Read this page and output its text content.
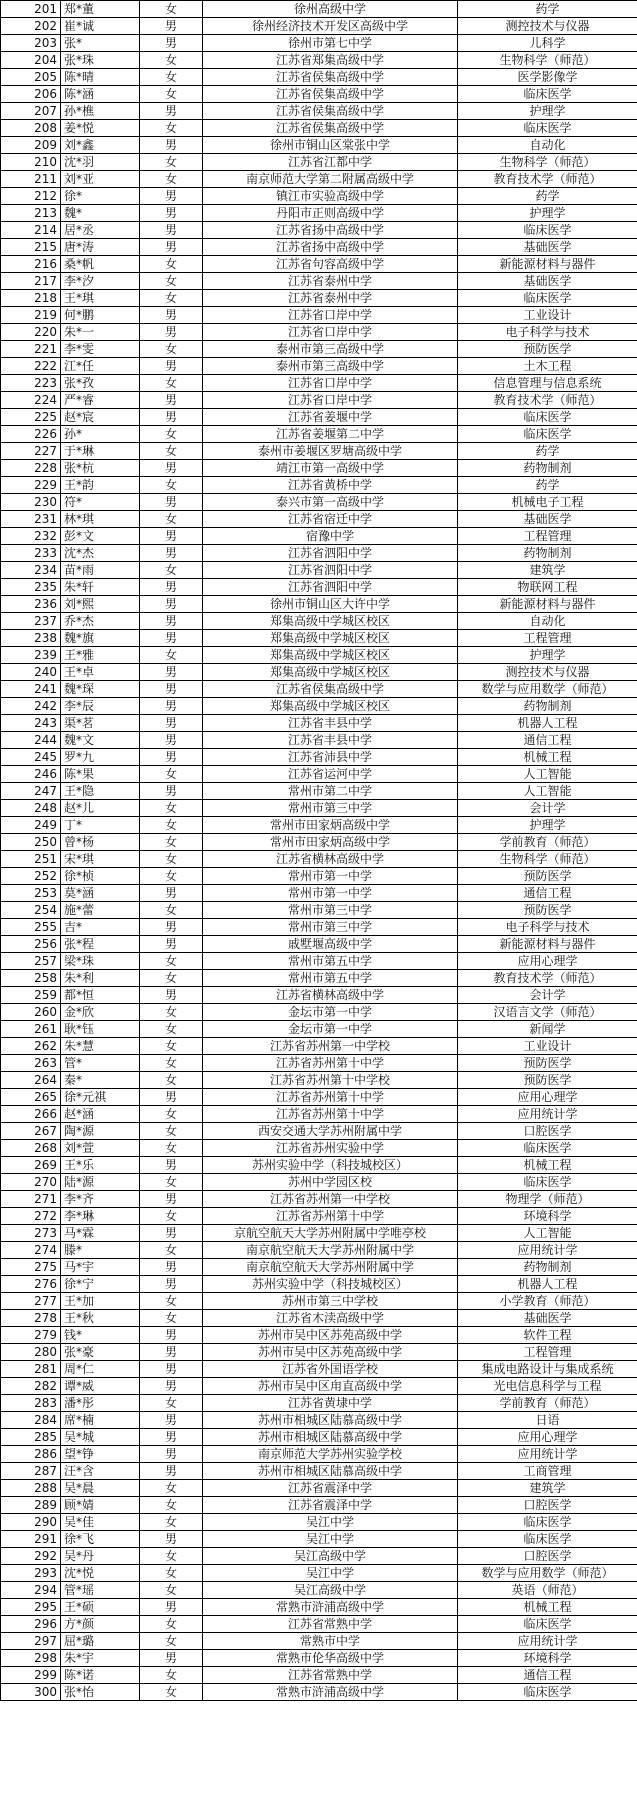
201	郑*董	女	徐州高级中学	药学
202	崔*诚	男	徐州经济技术开发区高级中学	测控技术与仪器
203	张*	男	徐州市第七中学	儿科学
204	张*珠	女	江苏省郑集高级中学	生物科学（师范）
205	陈*晴	女	江苏省侯集高级中学	医学影像学
206	陈*涵	女	江苏省侯集高级中学	临床医学
207	孙*樵	男	江苏省侯集高级中学	护理学
208	姜*悦	女	江苏省侯集高级中学	临床医学
209	刘*鑫	男	徐州市铜山区棠张中学	自动化
210	沈*羽	女	江苏省江都中学	生物科学（师范）
211	刘*亚	女	南京师范大学第二附属高级中学	教育技术学（师范）
212	徐*	男	镇江市实验高级中学	药学
213	魏*	男	丹阳市正则高级中学	护理学
214	居*丞	男	江苏省扬中高级中学	临床医学
215	唐*涛	男	江苏省扬中高级中学	基础医学
216	桑*帆	女	江苏省句容高级中学	新能源材料与器件
217	李*汐	女	江苏省泰州中学	基础医学
218	王*琪	女	江苏省泰州中学	临床医学
219	何*鹏	男	江苏省口岸中学	工业设计
220	朱*一	男	江苏省口岸中学	电子科学与技术
221	李*雯	女	泰州市第三高级中学	预防医学
222	江*任	男	泰州市第三高级中学	土木工程
223	张*孜	女	江苏省口岸中学	信息管理与信息系统
224	严*睿	男	江苏省口岸中学	教育技术学（师范）
225	赵*宸	男	江苏省姜堰中学	临床医学
226	孙*	女	江苏省姜堰第二中学	临床医学
227	于*琳	女	泰州市姜堰区罗塘高级中学	药学
228	张*杭	男	靖江市第一高级中学	药物制剂
229	王*韵	女	江苏省黄桥中学	药学
230	符*	男	泰兴市第一高级中学	机械电子工程
231	林*琪	女	江苏省宿迁中学	基础医学
232	彭*文	男	宿豫中学	工程管理
233	沈*杰	男	江苏省泗阳中学	药物制剂
234	苗*雨	女	江苏省泗阳中学	建筑学
235	朱*轩	男	江苏省泗阳中学	物联网工程
236	刘*熙	男	徐州市铜山区大许中学	新能源材料与器件
237	乔*杰	男	郑集高级中学城区校区	自动化
238	魏*旗	男	郑集高级中学城区校区	工程管理
239	王*雅	女	郑集高级中学城区校区	护理学
240	王*卓	男	郑集高级中学城区校区	测控技术与仪器
241	魏*琛	男	江苏省侯集高级中学	数学与应用数学（师范）
242	李*辰	男	郑集高级中学城区校区	药物制剂
243	渠*茗	男	江苏省丰县中学	机器人工程
244	魏*文	男	江苏省丰县中学	通信工程
245	罗*九	男	江苏省沛县中学	机械工程
246	陈*果	女	江苏省运河中学	人工智能
247	王*隐	男	常州市第二中学	人工智能
248	赵*儿	女	常州市第三中学	会计学
249	丁*	女	常州市田家炳高级中学	护理学
250	曾*杨	女	常州市田家炳高级中学	学前教育（师范）
251	宋*琪	女	江苏省横林高级中学	生物科学（师范）
252	徐*桢	女	常州市第一中学	预防医学
253	莫*涵	男	常州市第一中学	通信工程
254	施*蕾	女	常州市第三中学	预防医学
255	吉*	男	常州市第三中学	电子科学与技术
256	张*程	男	戚墅堰高级中学	新能源材料与器件
257	梁*珠	女	常州市第五中学	应用心理学
258	朱*利	女	常州市第五中学	教育技术学（师范）
259	都*恒	男	江苏省横林高级中学	会计学
260	金*欣	女	金坛市第一中学	汉语言文学（师范）
261	耿*钰	女	金坛市第一中学	新闻学
262	朱*慧	女	江苏省苏州第一中学校	工业设计
263	管*	女	江苏省苏州第十中学	预防医学
264	秦*	女	江苏省苏州第十中学校	预防医学
265	徐*元祺	男	江苏省苏州第十中学	应用心理学
266	赵*涵	女	江苏省苏州第十中学	应用统计学
267	陶*源	女	西安交通大学苏州附属中学	口腔医学
268	刘*萱	女	江苏省苏州实验中学	临床医学
269	王*乐	男	苏州实验中学（科技城校区）	机械工程
270	陆*源	女	苏州中学园区校	临床医学
271	李*齐	男	江苏省苏州第一中学校	物理学（师范）
272	李*琳	女	江苏省苏州第十中学	环境科学
273	马*霖	男	京航空航天大学苏州附属中学唯亭校	人工智能
274	滕*	女	南京航空航天大学苏州附属中学	应用统计学
275	马*宇	男	南京航空航天大学苏州附属中学	药物制剂
276	徐*宁	男	苏州实验中学（科技城校区）	机器人工程
277	王*加	女	苏州市第三中学校	小学教育（师范）
278	王*秋	女	江苏省木渎高级中学	基础医学
279	钱*	男	苏州市吴中区苏苑高级中学	软件工程
280	张*豪	男	苏州市吴中区苏苑高级中学	工程管理
281	周*仁	男	江苏省外国语学校	集成电路设计与集成系统
282	谭*威	男	苏州市吴中区甪直高级中学	光电信息科学与工程
283	潘*彤	女	江苏省黄埭中学	学前教育（师范）
284	席*楠	男	苏州市相城区陆慕高级中学	日语
285	吴*城	男	苏州市相城区陆慕高级中学	应用心理学
286	望*铮	男	南京师范大学苏州实验学校	应用统计学
287	汪*含	男	苏州市相城区陆慕高级中学	工商管理
288	吴*晨	女	江苏省震泽中学	建筑学
289	顾*婧	女	江苏省震泽中学	口腔医学
290	吴*佳	女	吴江中学	临床医学
291	徐*飞	男	吴江中学	临床医学
292	吴*丹	女	吴江高级中学	口腔医学
293	沈*悦	女	吴江中学	数学与应用数学（师范）
294	管*瑶	女	吴江高级中学	英语（师范）
295	王*硕	男	常熟市浒浦高级中学	机械工程
296	方*颜	女	江苏省常熟中学	临床医学
297	屈*璐	女	常熟市中学	应用统计学
298	朱*宇	男	常熟市伦华高级中学	环境科学
299	陈*诺	女	江苏省常熟中学	通信工程
300	张*怡	女	常熟市浒浦高级中学	临床医学
